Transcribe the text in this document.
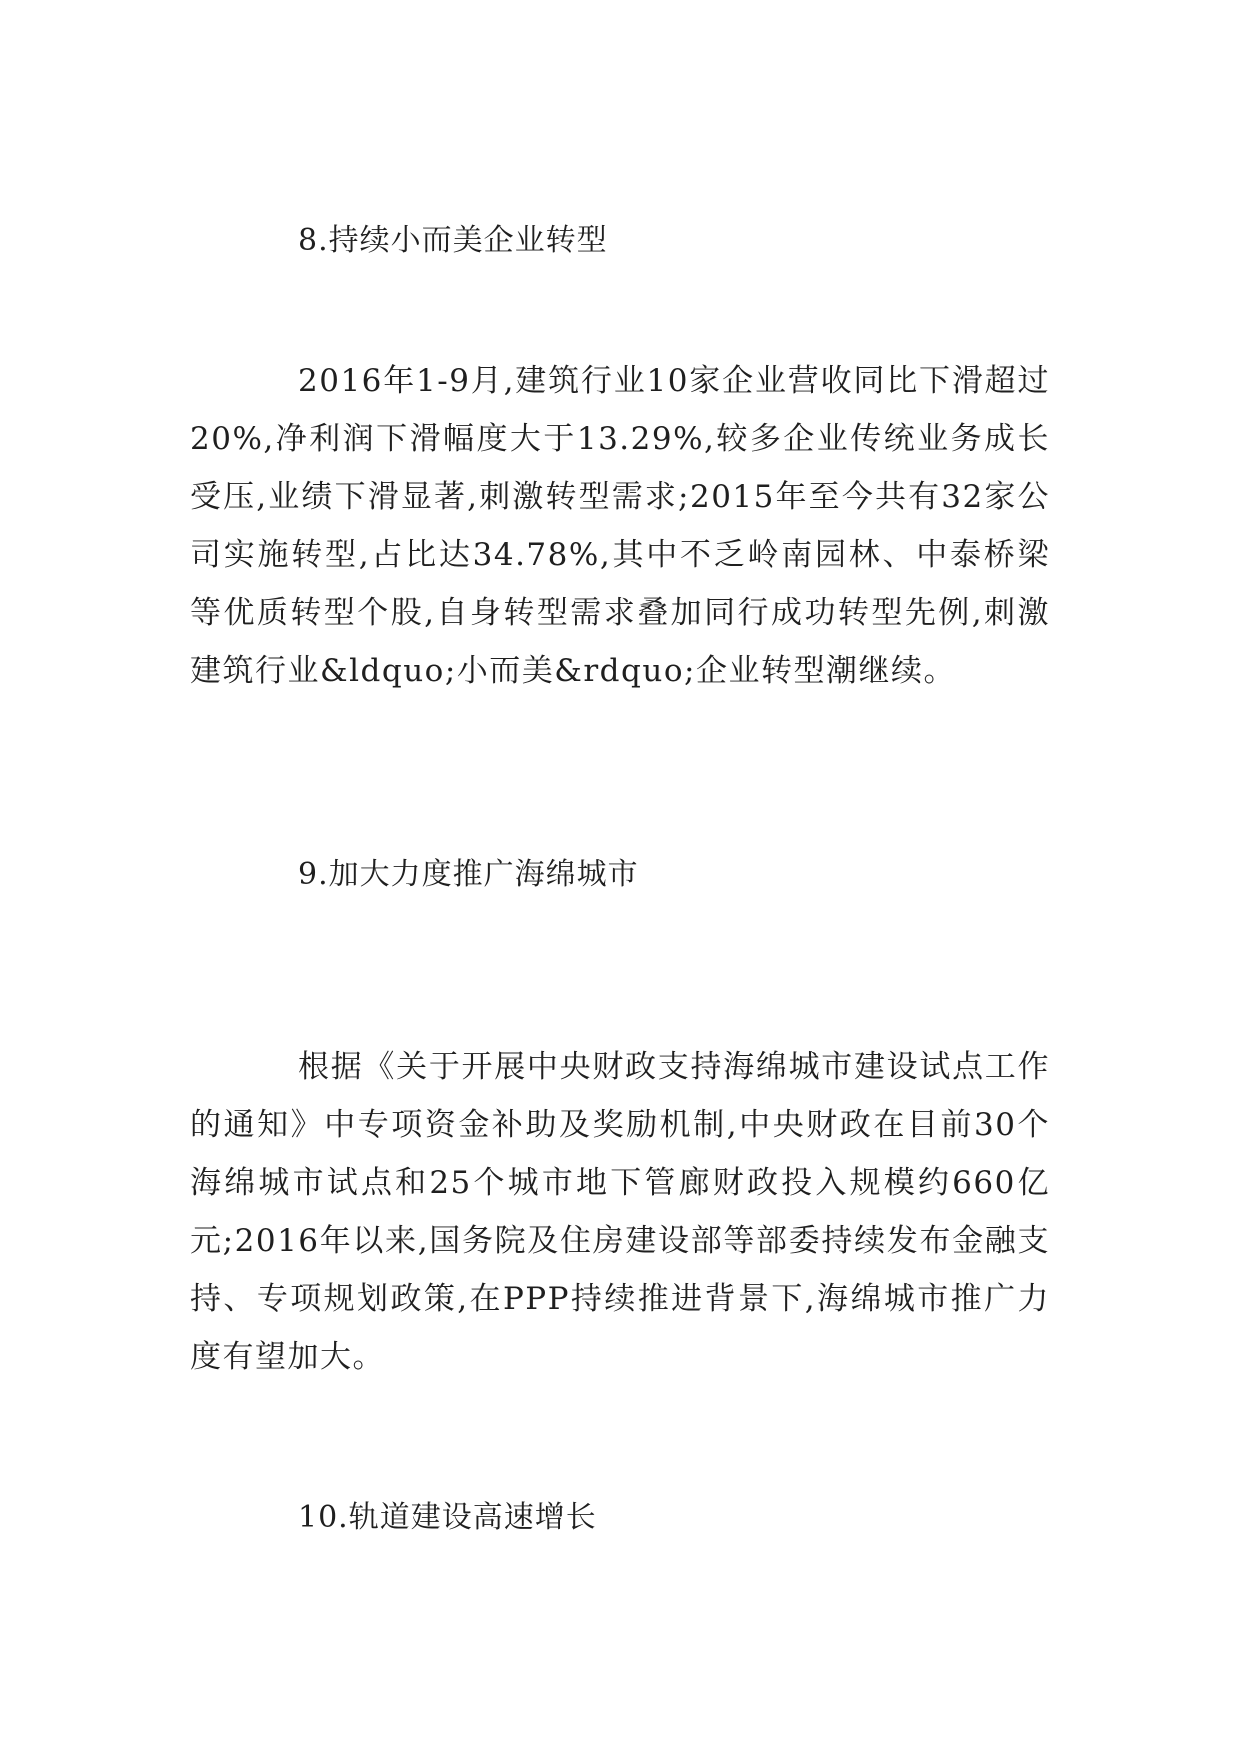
8.持续小而美企业转型
2016年1-9月,建筑行业10家企业营收同比下滑超过20%,净利润下滑幅度大于13.29%,较多企业传统业务成长受压,业绩下滑显著,刺激转型需求;2015年至今共有32家公司实施转型,占比达34.78%,其中不乏岭南园林、中泰桥梁等优质转型个股,自身转型需求叠加同行成功转型先例,刺激建筑行业&ldquo;小而美&rdquo;企业转型潮继续。
9.加大力度推广海绵城市
根据《关于开展中央财政支持海绵城市建设试点工作的通知》中专项资金补助及奖励机制,中央财政在目前30个海绵城市试点和25个城市地下管廊财政投入规模约660亿元;2016年以来,国务院及住房建设部等部委持续发布金融支持、专项规划政策,在PPP持续推进背景下,海绵城市推广力度有望加大。
10.轨道建设高速增长
